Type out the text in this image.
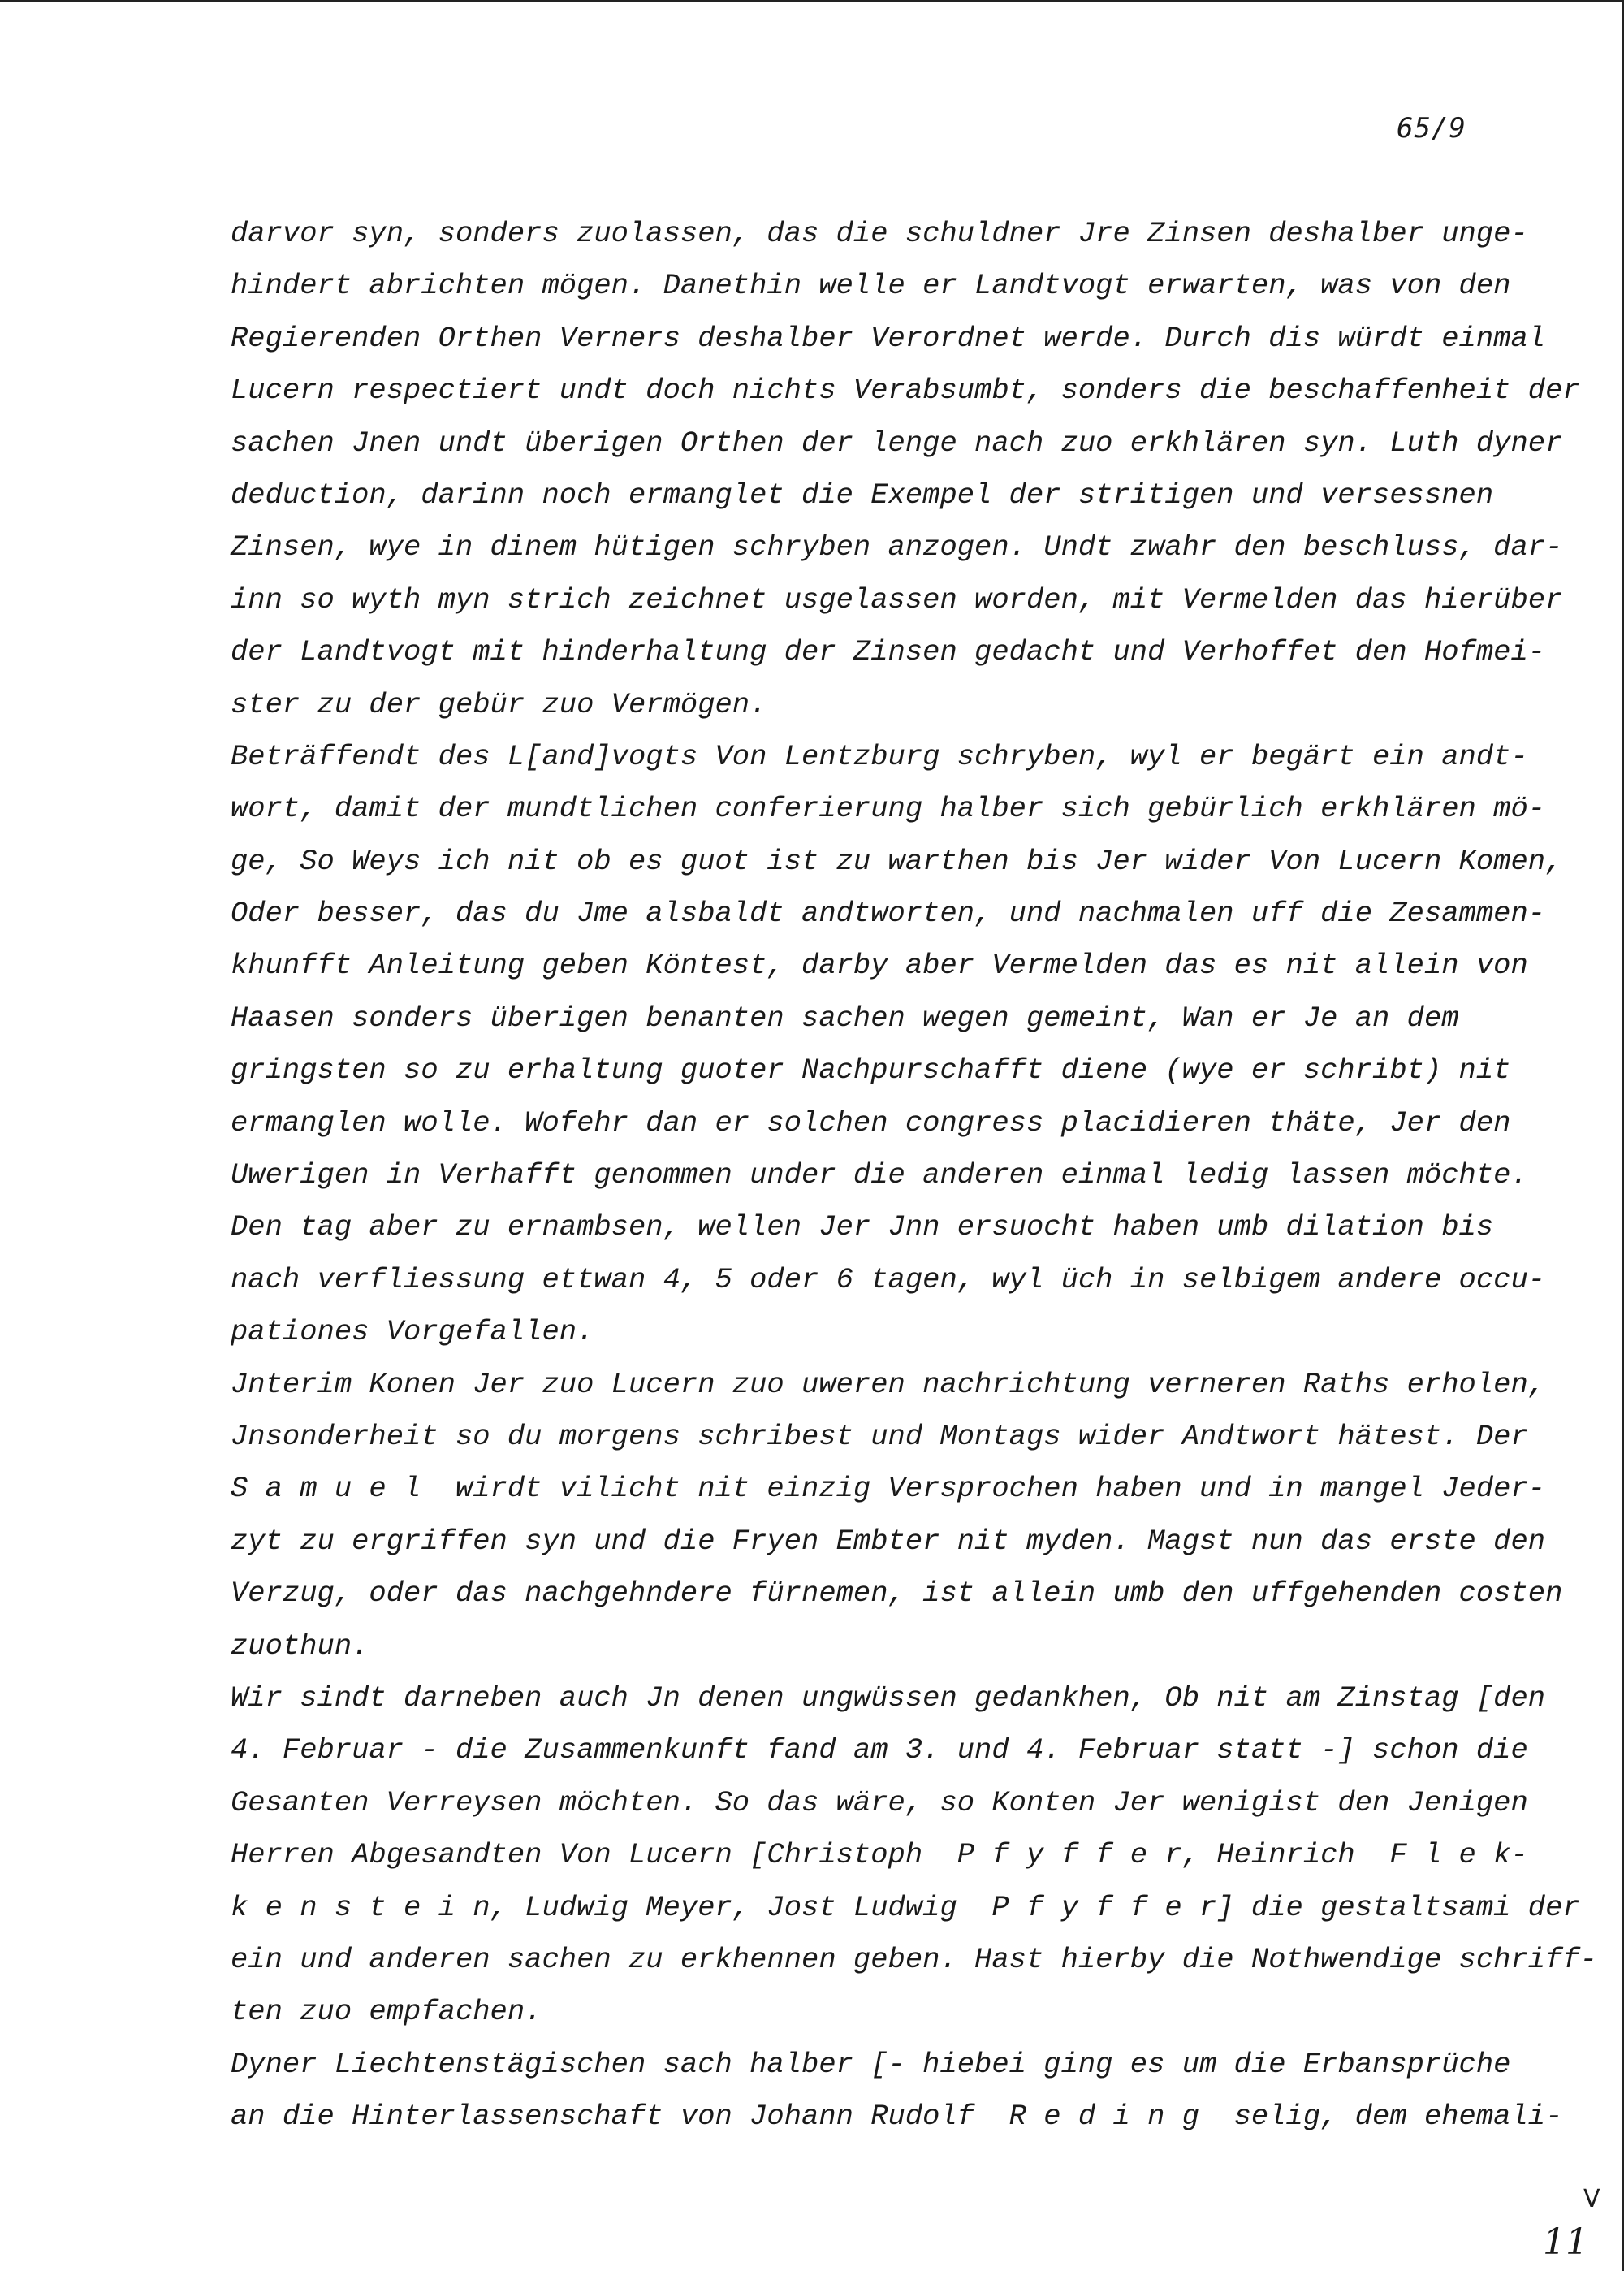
65/9
darvor syn, sonders zuolassen, das die schuldner Jre Zinsen deshalber unge-
hindert abrichten mögen. Danethin welle er Landtvogt erwarten, was von den
Regierenden Orthen Verners deshalber Verordnet werde. Durch dis würdt einmal
Lucern respectiert undt doch nichts Verabsumbt, sonders die beschaffenheit der
sachen Jnen undt überigen Orthen der lenge nach zuo erkhlären syn. Luth dyner
deduction, darinn noch ermanglet die Exempel der stritigen und versessnen
Zinsen, wye in dinem hütigen schryben anzogen. Undt zwahr den beschluss, dar-
inn so wyth myn strich zeichnet usgelassen worden, mit Vermelden das hierüber
der Landtvogt mit hinderhaltung der Zinsen gedacht und Verhoffet den Hofmei-
ster zu der gebür zuo Vermögen.
Beträffendt des L[and]vogts Von Lentzburg schryben, wyl er begärt ein andt-
wort, damit der mundtlichen conferierung halber sich gebürlich erkhlären mö-
ge, So Weys ich nit ob es guot ist zu warthen bis Jer wider Von Lucern Komen,
Oder besser, das du Jme alsbaldt andtworten, und nachmalen uff die Zesammen-
khunfft Anleitung geben Köntest, darby aber Vermelden das es nit allein von
Haasen sonders überigen benanten sachen wegen gemeint, Wan er Je an dem
gringsten so zu erhaltung guoter Nachpurschafft diene (wye er schribt) nit
ermanglen wolle. Wofehr dan er solchen congress placidieren thäte, Jer den
Uwerigen in Verhafft genommen under die anderen einmal ledig lassen möchte.
Den tag aber zu ernambsen, wellen Jer Jnn ersuocht haben umb dilation bis
nach verfliessung ettwan 4, 5 oder 6 tagen, wyl üch in selbigem andere occu-
pationes Vorgefallen.
Jnterim Konen Jer zuo Lucern zuo uweren nachrichtung verneren Raths erholen,
Jnsonderheit so du morgens schribest und Montags wider Andtwort hätest. Der
S a m u e l  wirdt vilicht nit einzig Versprochen haben und in mangel Jeder-
zyt zu ergriffen syn und die Fryen Embter nit myden. Magst nun das erste den
Verzug, oder das nachgehndere fürnemen, ist allein umb den uffgehenden costen
zuothun.
Wir sindt darneben auch Jn denen ungwüssen gedankhen, Ob nit am Zinstag [den
4. Februar - die Zusammenkunft fand am 3. und 4. Februar statt -] schon die
Gesanten Verreysen möchten. So das wäre, so Konten Jer wenigist den Jenigen
Herren Abgesandten Von Lucern [Christoph  P f y f f e r, Heinrich  F l e k-
k e n s t e i n, Ludwig Meyer, Jost Ludwig  P f y f f e r] die gestaltsami der
ein und anderen sachen zu erkhennen geben. Hast hierby die Nothwendige schriff-
ten zuo empfachen.
Dyner Liechtenstägischen sach halber [- hiebei ging es um die Erbansprüche
an die Hinterlassenschaft von Johann Rudolf  R e d i n g  selig, dem ehemali-
V
11
